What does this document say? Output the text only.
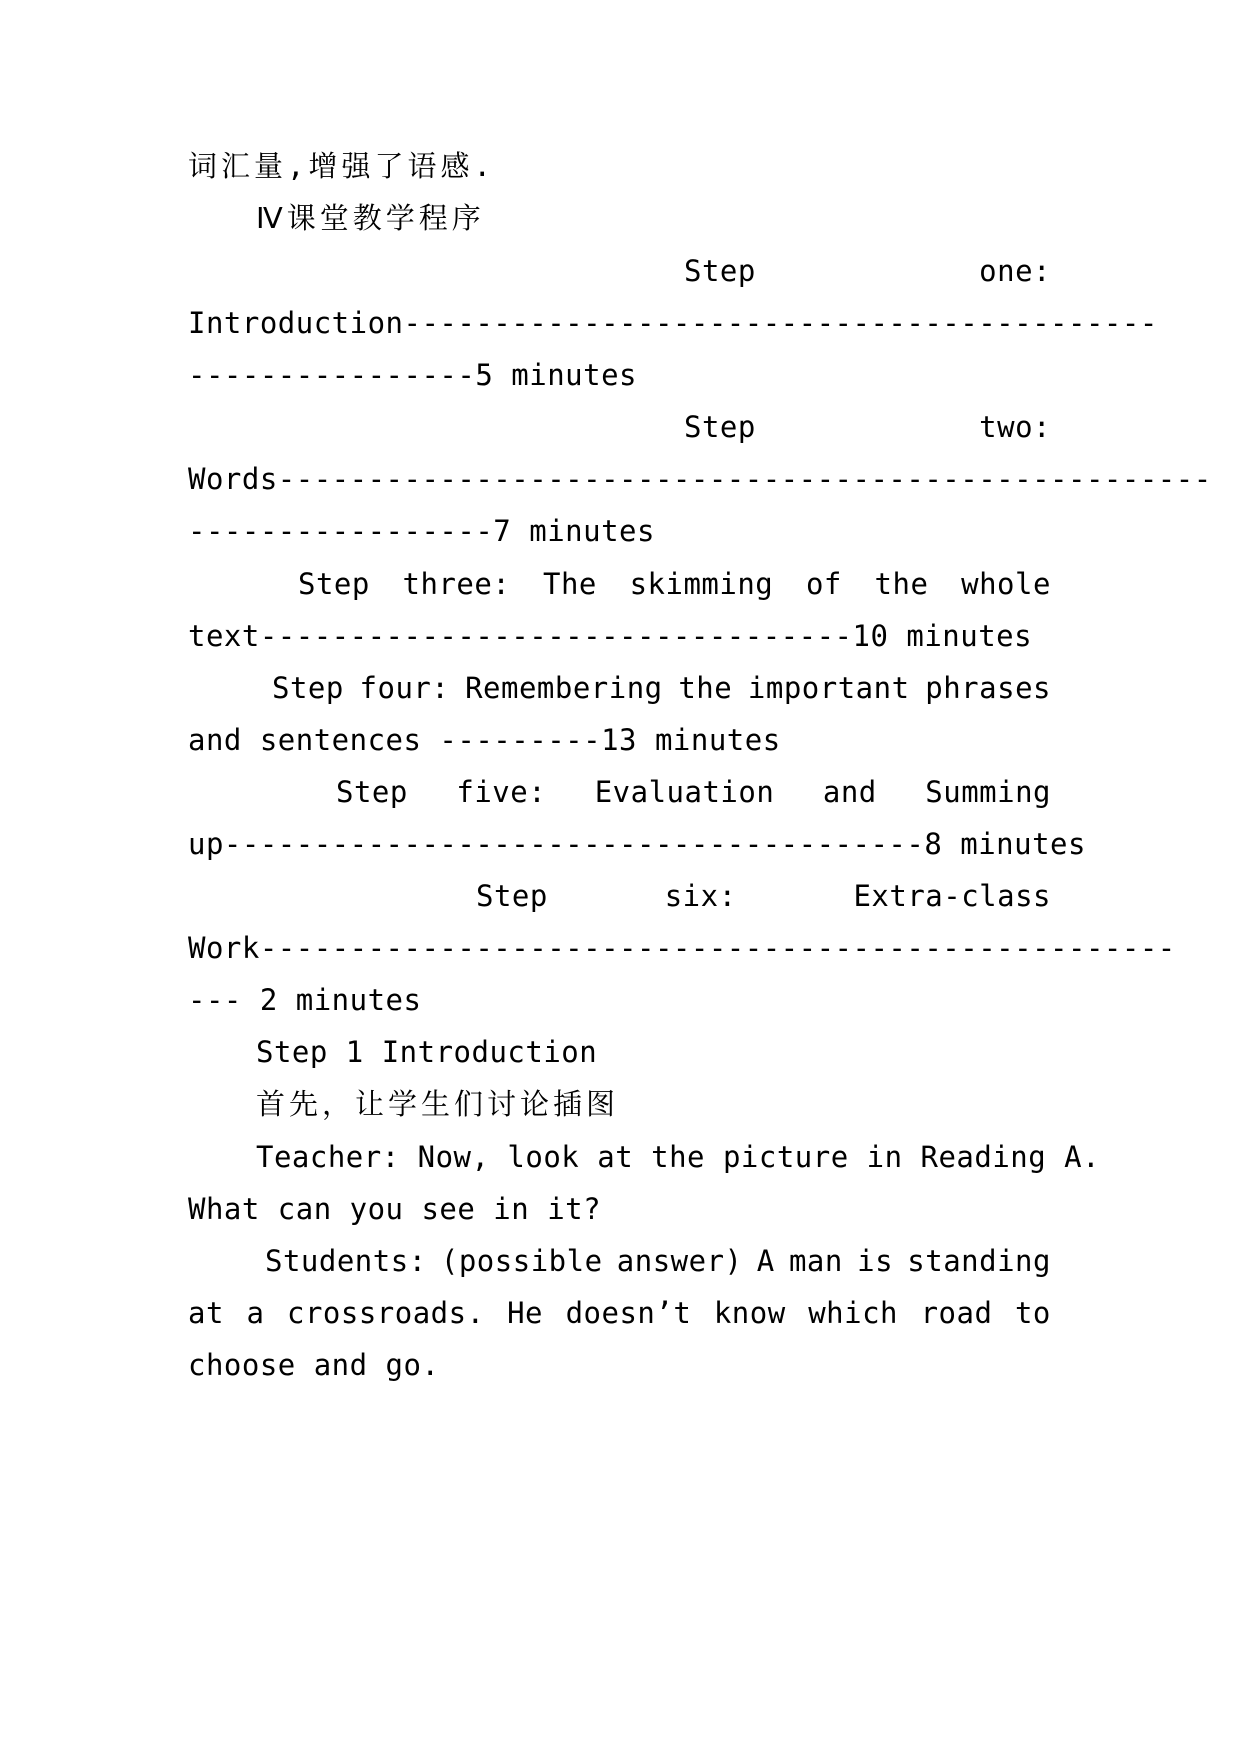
词汇量,增强了语感.
Ⅳ课堂教学程序
Step	one:
Introduction------------------------------------------
----------------5 minutes
Step	two:
Words----------------------------------------------------
-----------------7 minutes
Step three: The skimming of the whole
text---------------------------------10 minutes
Step four: Remembering the important phrases
and sentences ---------13 minutes
Step five: Evaluation and Summing
up---------------------------------------8 minutes
Step	six:	Extra-class
Work---------------------------------------------------
--- 2 minutes
Step 1 Introduction
首先，让学生们讨论插图
Teacher: Now, look at the picture in Reading A.
What can you see in it?
Students: (possible answer) A man is standing
at a crossroads. He doesn’t know which road to
choose and go.
